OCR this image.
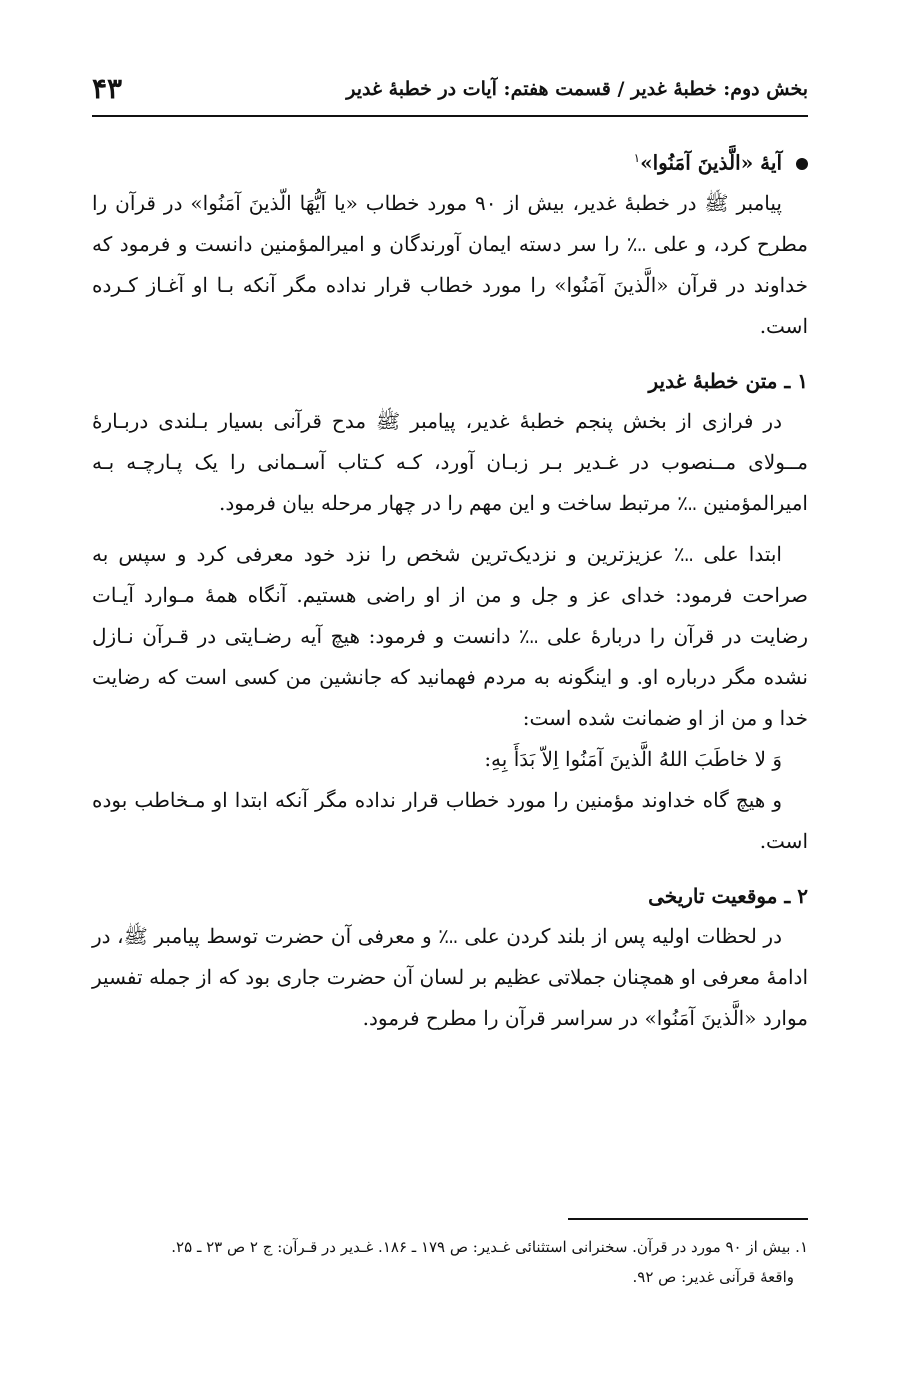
بخش دوم: خطبۀ غدیر / قسمت هفتم: آیات در خطبۀ غدیر
۴۳
آیۀ «الَّذینَ آمَنُوا»$^۱$

پیامبر ﷺ در خطبۀ غدیر، بیش از ۹۰ مورد خطاب «یا اَیُّهَا الّذینَ آمَنُوا» در قرآن را مطرح کرد، و علی ؊ را سر دسته ایمان آورندگان و امیرالمؤمنین دانست و فرمود که خداوند در قرآن «الَّذینَ آمَنُوا» را مورد خطاب قرار نداده مگر آنکه بـا او آغـاز کـرده است.

۱ ـ متن خطبۀ غدیر

در فرازی از بخش پنجم خطبۀ غدیر، پیامبر ﷺ مدح قرآنی بسیار بـلندی دربـارۀ مــولای مــنصوب در غـدیر بـر زبـان آورد، کـه کـتاب آسـمانی را یک پـارچـه بـه امیرالمؤمنین ؊ مرتبط ساخت و این مهم را در چهار مرحله بیان فرمود.

ابتدا علی ؊ عزیزترین و نزدیک‌ترین شخص را نزد خود معرفی کرد و سپس به صراحت فرمود: خدای عز و جل و من از او راضی هستیم. آنگاه همۀ مـوارد آیـات رضایت در قرآن را دربارۀ علی ؊ دانست و فرمود: هیچ آیه رضـایتی در قـرآن نـازل نشده مگر درباره او. و اینگونه به مردم فهمانید که جانشین من کسی است که رضایت خدا و من از او ضمانت شده است:

وَ لا خاطَبَ اللهُ الَّذینَ آمَنُوا اِلاّ بَدَأَ بِهِ:

و هیچ گاه خداوند مؤمنین را مورد خطاب قرار نداده مگر آنکه ابتدا او مـخاطب بوده است.

۲ ـ موقعیت تاریخی

در لحظات اولیه پس از بلند کردن علی ؊ و معرفی آن حضرت توسط پیامبر ﷺ، در ادامۀ معرفی او همچنان جملاتی عظیم بر لسان آن حضرت جاری بود که از جمله تفسیر موارد «الَّذینَ آمَنُوا» در سراسر قرآن را مطرح فرمود.

۱. بیش از ۹۰ مورد در قرآن. سخنرانی استثنائی غـدیر: ص ۱۷۹ ـ ۱۸۶. غـدیر در قـرآن: ج ۲ ص ۲۳ ـ ۲۵.
واقعۀ قرآنی غدیر: ص ۹۲.
